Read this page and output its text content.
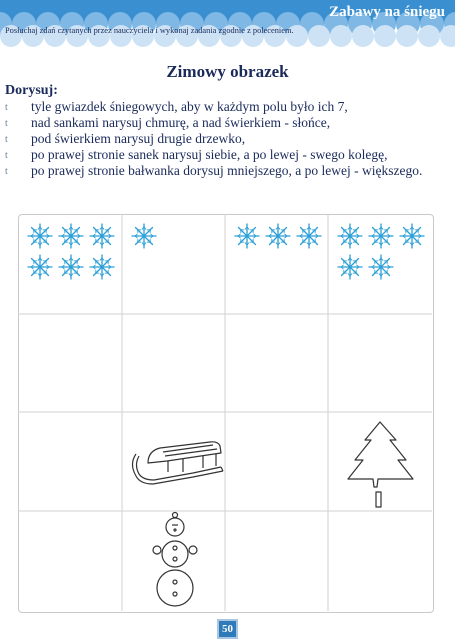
Zabawy na śniegu
Posłuchaj zdań czytanych przez nauczyciela i wykonaj zadania zgodnie z poleceniem.
Zimowy obrazek
Dorysuj:
t tyle gwiazdek śniegowych, aby w każdym polu było ich 7,
t nad sankami narysuj chmurę, a nad świerkiem - słońce,
t pod świerkiem narysuj drugie drzewko,
t po prawej stronie sanek narysuj siebie, a po lewej - swego kolegę,
t po prawej stronie bałwanka dorysuj mniejszego, a po lewej - większego.
50
